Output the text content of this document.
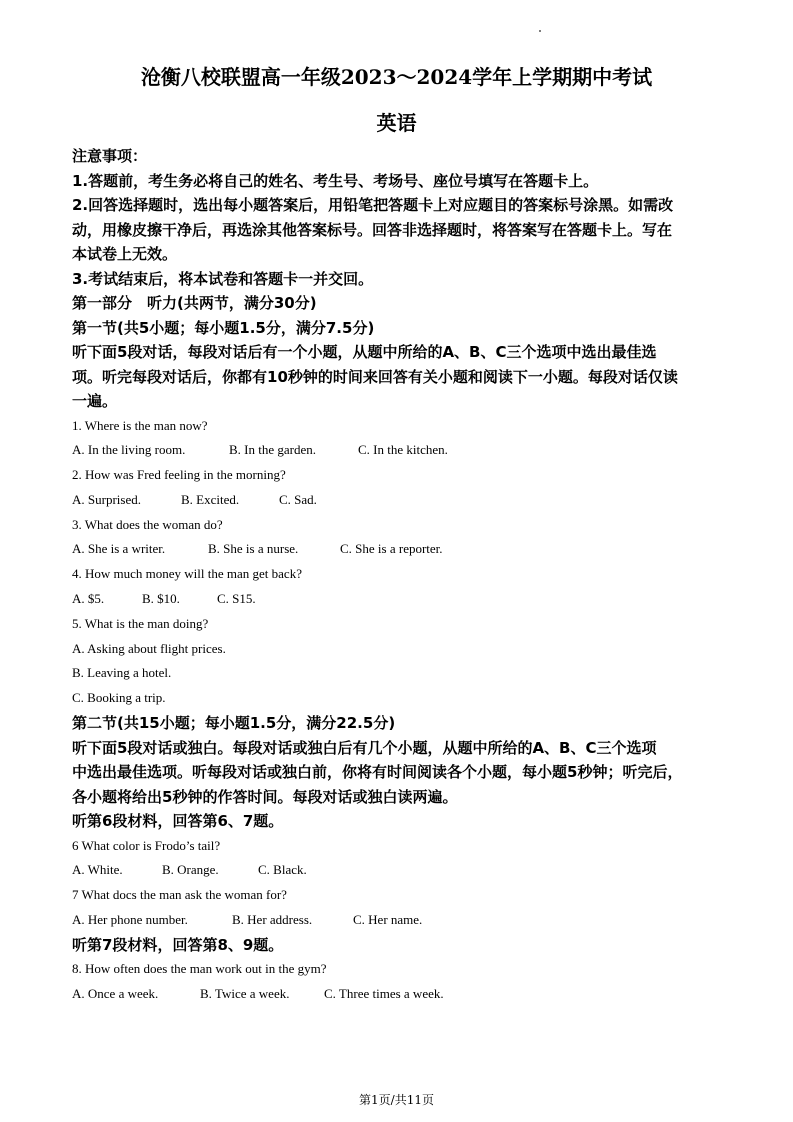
沧衡八校联盟高一年级2023～2024学年上学期期中考试
英语

注意事项：

1.答题前，考生务必将自己的姓名、考生号、考场号、座位号填写在答题卡上。

2.回答选择题时，选出每小题答案后，用铅笔把答题卡上对应题目的答案标号涂黑。如需改

动，用橡皮擦干净后，再选涂其他答案标号。回答非选择题时，将答案写在答题卡上。写在

本试卷上无效。

3.考试结束后，将本试卷和答题卡一并交回。

第一部分　听力(共两节，满分30分)

第一节(共5小题；每小题1.5分，满分7.5分)

听下面5段对话，每段对话后有一个小题，从题中所给的A、B、C三个选项中选出最佳选

项。听完每段对话后，你都有10秒钟的时间来回答有关小题和阅读下一小题。每段对话仅读

一遍。

1. Where is the man now?

A. In the living room.	B. In the garden.	C. In the kitchen.

2. How was Fred feeling in the morning?

A. Surprised.	B. Excited.	C. Sad.

3. What does the woman do?

A. She is a writer.	B. She is a nurse.	C. She is a reporter.

4. How much money will the man get back?

A. $5.	B. $10.	C. S15.

5. What is the man doing?

A. Asking about flight prices.

B. Leaving a hotel.

C. Booking a trip.

第二节(共15小题；每小题1.5分，满分22.5分)

听下面5段对话或独白。每段对话或独白后有几个小题，从题中所给的A、B、C三个选项

中选出最佳选项。听每段对话或独白前，你将有时间阅读各个小题，每小题5秒钟；听完后，

各小题将给出5秒钟的作答时间。每段对话或独白读两遍。

听第6段材料，回答第6、7题。

6 What color is Frodo’s tail?

A. White.	B. Orange.	C. Black.

7 What docs the man ask the woman for?

A. Her phone number.	B. Her address.	C. Her name.

听第7段材料，回答第8、9题。

8. How often does the man work out in the gym?

A. Once a week.	B. Twice a week.	C. Three times a week.

第1页/共11页
